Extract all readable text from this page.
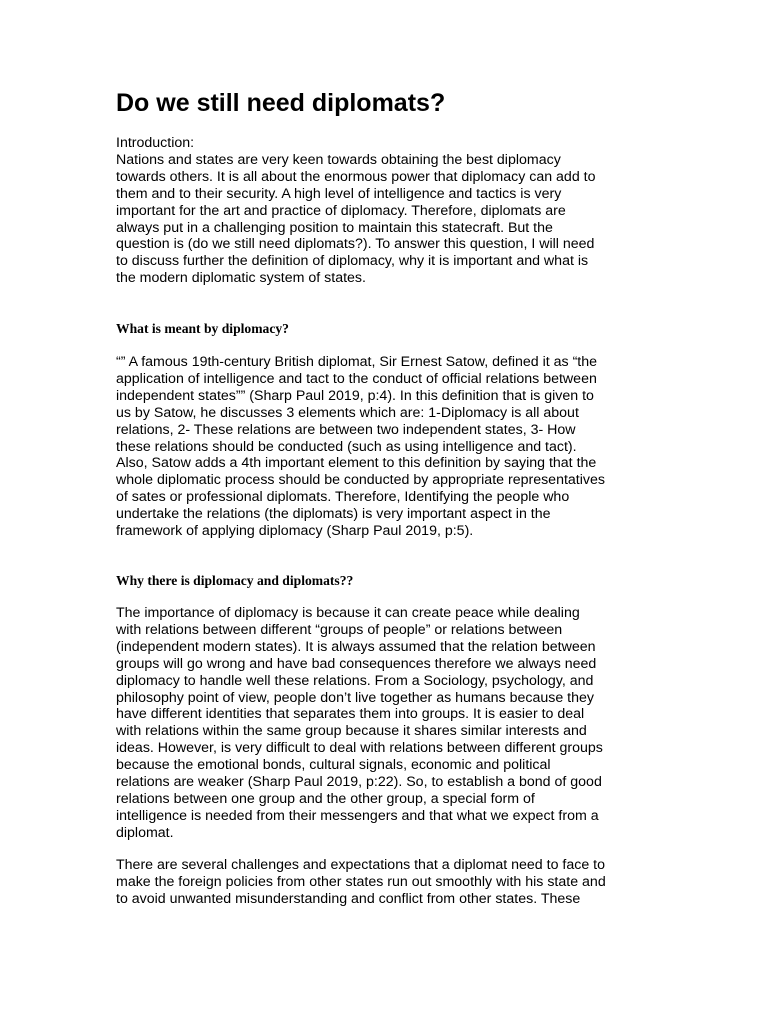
Do we still need diplomats?
Introduction:
Nations and states are very keen towards obtaining the best diplomacy
towards others. It is all about the enormous power that diplomacy can add to
them and to their security. A high level of intelligence and tactics is very
important for the art and practice of diplomacy. Therefore, diplomats are
always put in a challenging position to maintain this statecraft. But the
question is (do we still need diplomats?). To answer this question, I will need
to discuss further the definition of diplomacy, why it is important and what is
the modern diplomatic system of states.
What is meant by diplomacy?
“” A famous 19th-century British diplomat, Sir Ernest Satow, defined it as “the
application of intelligence and tact to the conduct of official relations between
independent states”” (Sharp Paul 2019, p:4). In this definition that is given to
us by Satow, he discusses 3 elements which are: 1-Diplomacy is all about
relations, 2- These relations are between two independent states, 3- How
these relations should be conducted (such as using intelligence and tact).
Also, Satow adds a 4th important element to this definition by saying that the
whole diplomatic process should be conducted by appropriate representatives
of sates or professional diplomats. Therefore, Identifying the people who
undertake the relations (the diplomats) is very important aspect in the
framework of applying diplomacy (Sharp Paul 2019, p:5).
Why there is diplomacy and diplomats??
The importance of diplomacy is because it can create peace while dealing
with relations between different “groups of people” or relations between
(independent modern states). It is always assumed that the relation between
groups will go wrong and have bad consequences therefore we always need
diplomacy to handle well these relations. From a Sociology, psychology, and
philosophy point of view, people don’t live together as humans because they
have different identities that separates them into groups. It is easier to deal
with relations within the same group because it shares similar interests and
ideas. However, is very difficult to deal with relations between different groups
because the emotional bonds, cultural signals, economic and political
relations are weaker (Sharp Paul 2019, p:22). So, to establish a bond of good
relations between one group and the other group, a special form of
intelligence is needed from their messengers and that what we expect from a
diplomat.
There are several challenges and expectations that a diplomat need to face to
make the foreign policies from other states run out smoothly with his state and
to avoid unwanted misunderstanding and conflict from other states. These
